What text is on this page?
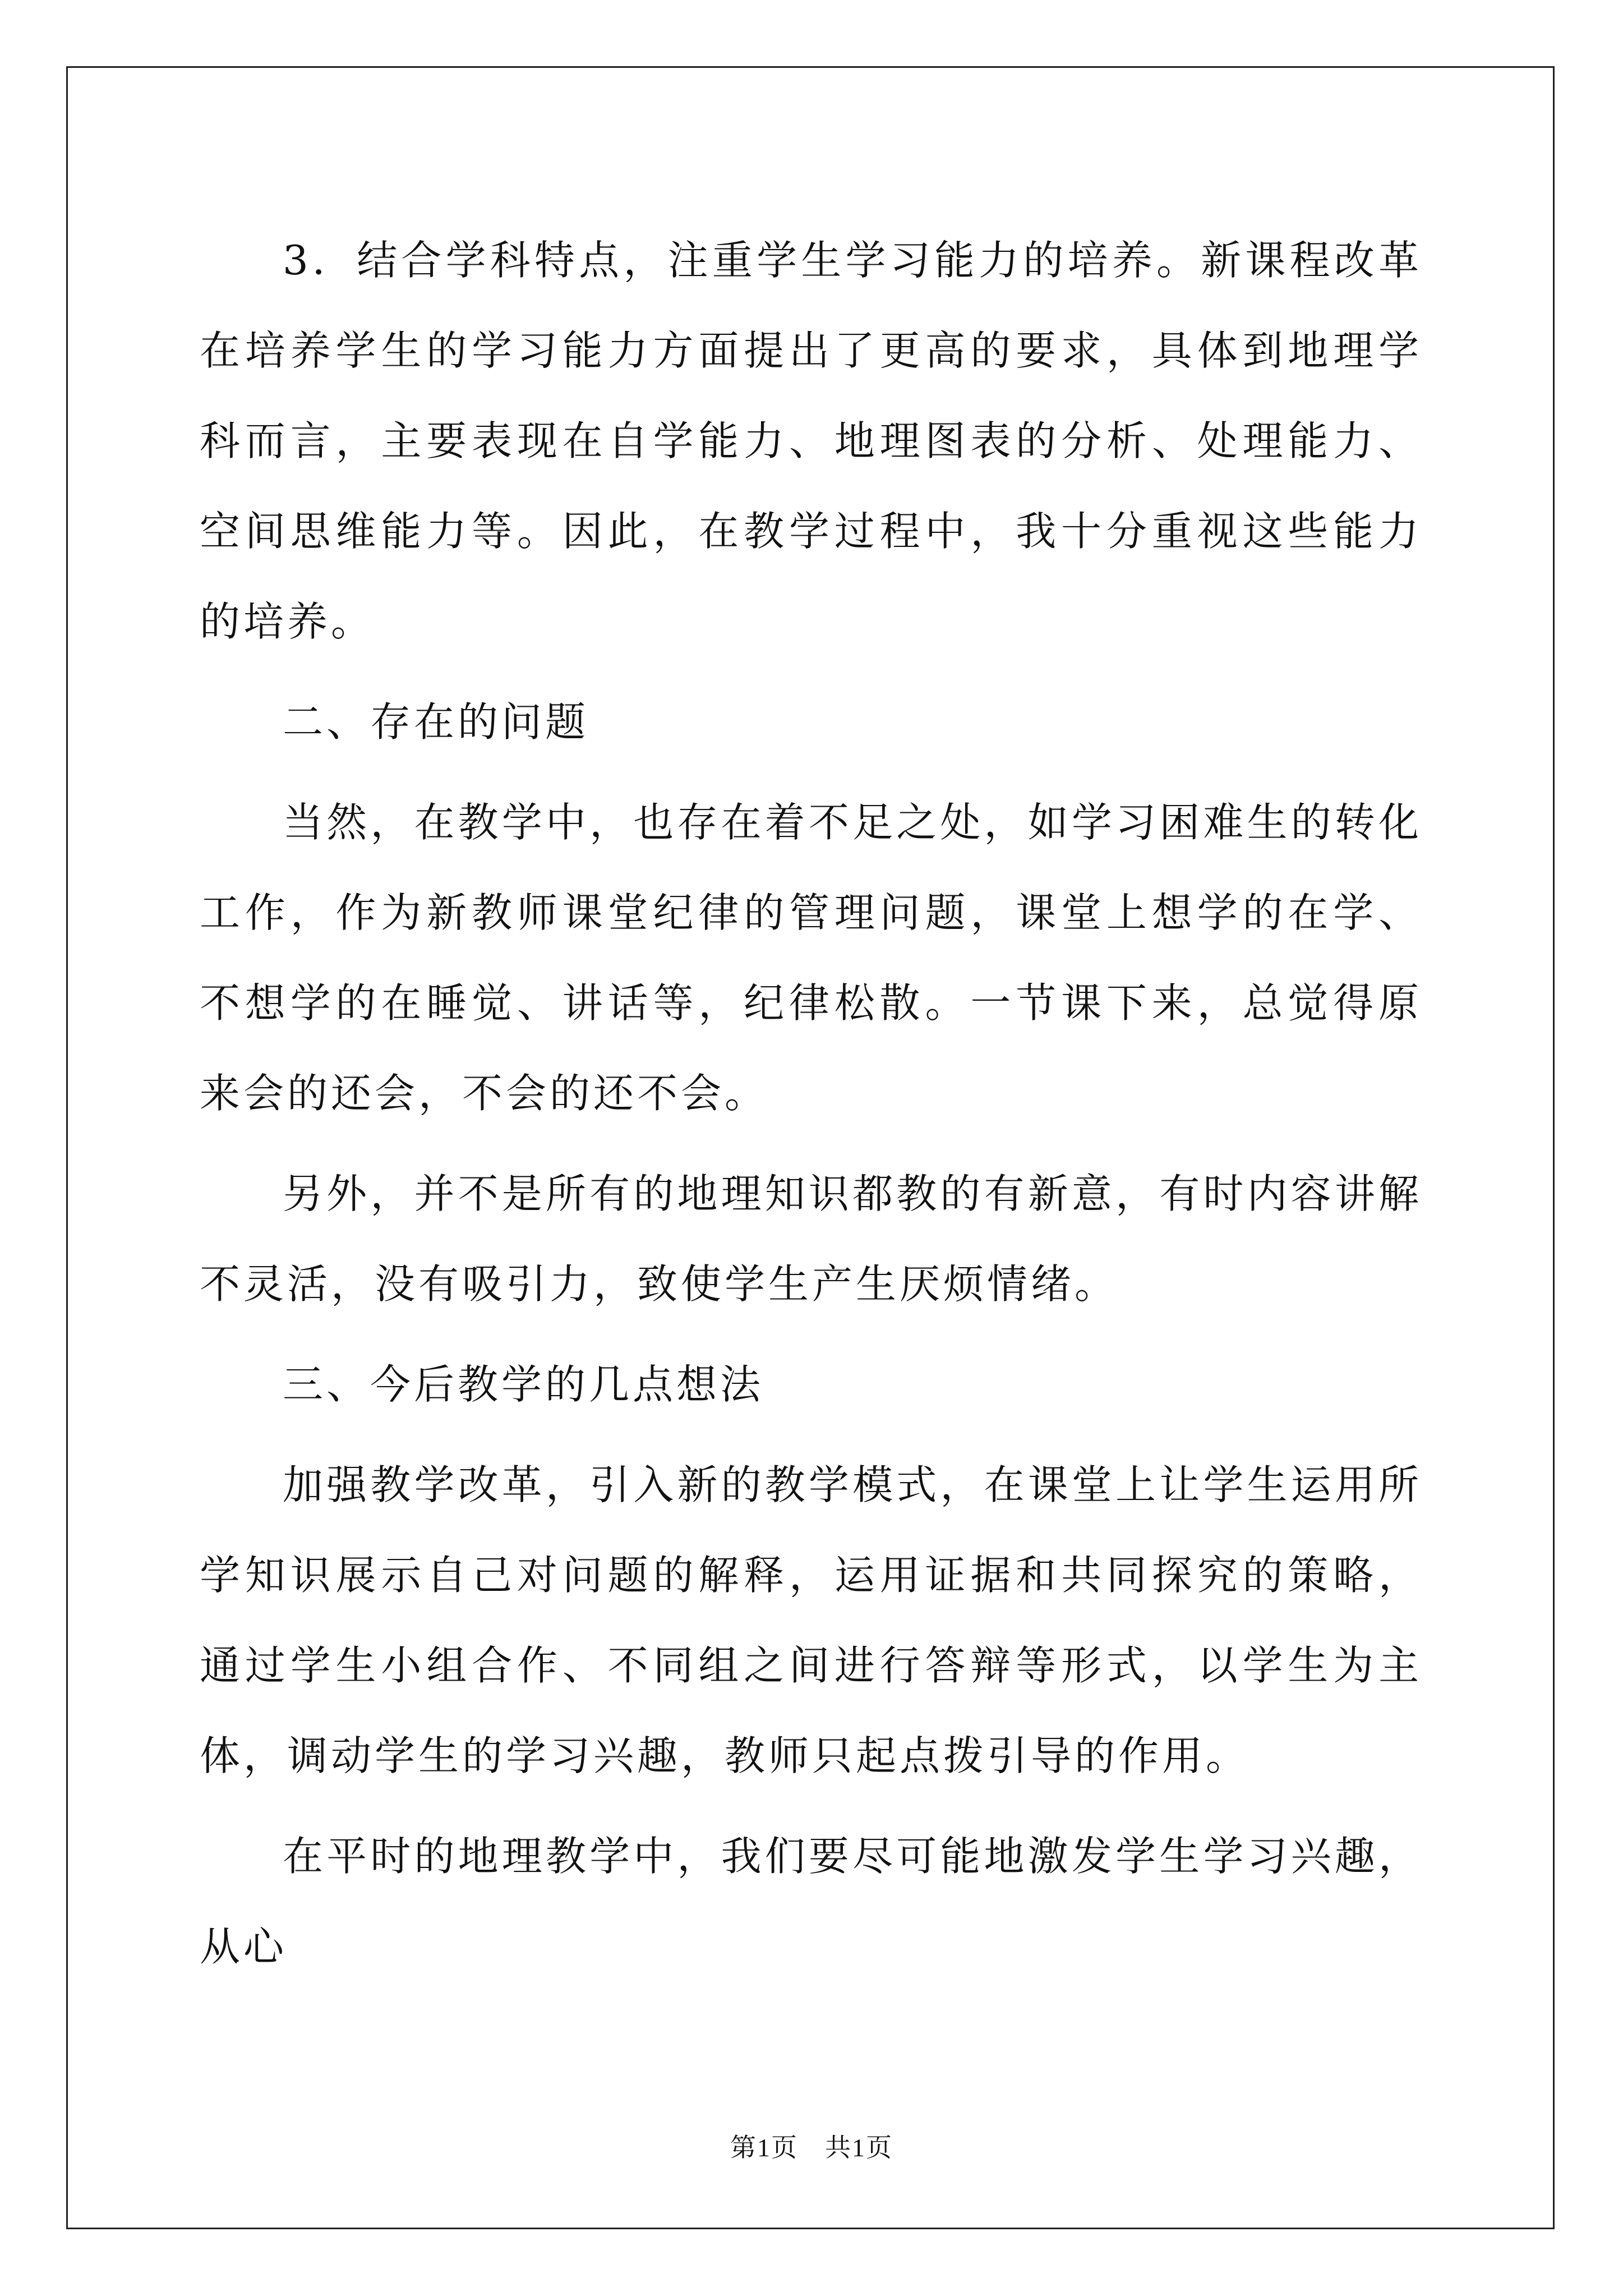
3．结合学科特点，注重学生学习能力的培养。新课程改革在培养学生的学习能力方面提出了更高的要求，具体到地理学科而言，主要表现在自学能力、地理图表的分析、处理能力、空间思维能力等。因此，在教学过程中，我十分重视这些能力的培养。

二、存在的问题

当然，在教学中，也存在着不足之处，如学习困难生的转化工作，作为新教师课堂纪律的管理问题，课堂上想学的在学、不想学的在睡觉、讲话等，纪律松散。一节课下来，总觉得原来会的还会，不会的还不会。

另外，并不是所有的地理知识都教的有新意，有时内容讲解不灵活，没有吸引力，致使学生产生厌烦情绪。

三、今后教学的几点想法

加强教学改革，引入新的教学模式，在课堂上让学生运用所学知识展示自己对问题的解释，运用证据和共同探究的策略，通过学生小组合作、不同组之间进行答辩等形式，以学生为主体，调动学生的学习兴趣，教师只起点拨引导的作用。

在平时的地理教学中，我们要尽可能地激发学生学习兴趣，从心

第1页　共1页
